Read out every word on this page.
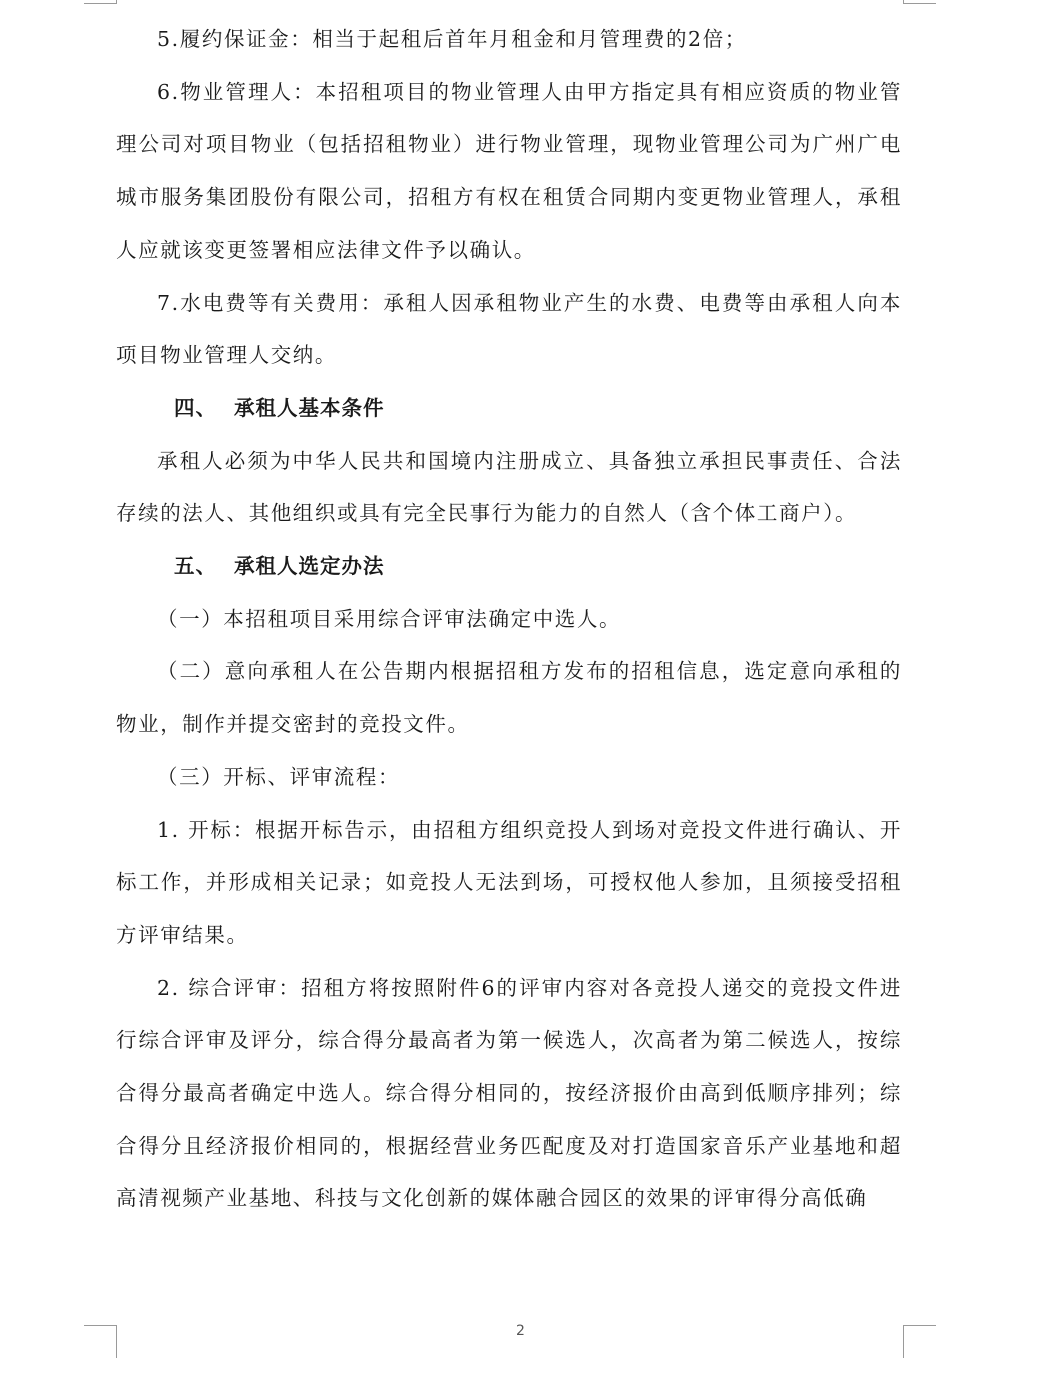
5.履约保证金：相当于起租后首年月租金和月管理费的2倍；

6.物业管理人：本招租项目的物业管理人由甲方指定具有相应资质的物业管理公司对项目物业（包括招租物业）进行物业管理，现物业管理公司为广州广电城市服务集团股份有限公司，招租方有权在租赁合同期内变更物业管理人，承租人应就该变更签署相应法律文件予以确认。

7.水电费等有关费用：承租人因承租物业产生的水费、电费等由承租人向本项目物业管理人交纳。

四、 承租人基本条件

承租人必须为中华人民共和国境内注册成立、具备独立承担民事责任、合法存续的法人、其他组织或具有完全民事行为能力的自然人（含个体工商户）。

五、 承租人选定办法

（一）本招租项目采用综合评审法确定中选人。

（二）意向承租人在公告期内根据招租方发布的招租信息，选定意向承租的物业，制作并提交密封的竞投文件。

（三）开标、评审流程：

1. 开标：根据开标告示，由招租方组织竞投人到场对竞投文件进行确认、开标工作，并形成相关记录；如竞投人无法到场，可授权他人参加，且须接受招租方评审结果。

2. 综合评审：招租方将按照附件6的评审内容对各竞投人递交的竞投文件进行综合评审及评分，综合得分最高者为第一候选人，次高者为第二候选人，按综合得分最高者确定中选人。综合得分相同的，按经济报价由高到低顺序排列；综合得分且经济报价相同的，根据经营业务匹配度及对打造国家音乐产业基地和超高清视频产业基地、科技与文化创新的媒体融合园区的效果的评审得分高低确

2
